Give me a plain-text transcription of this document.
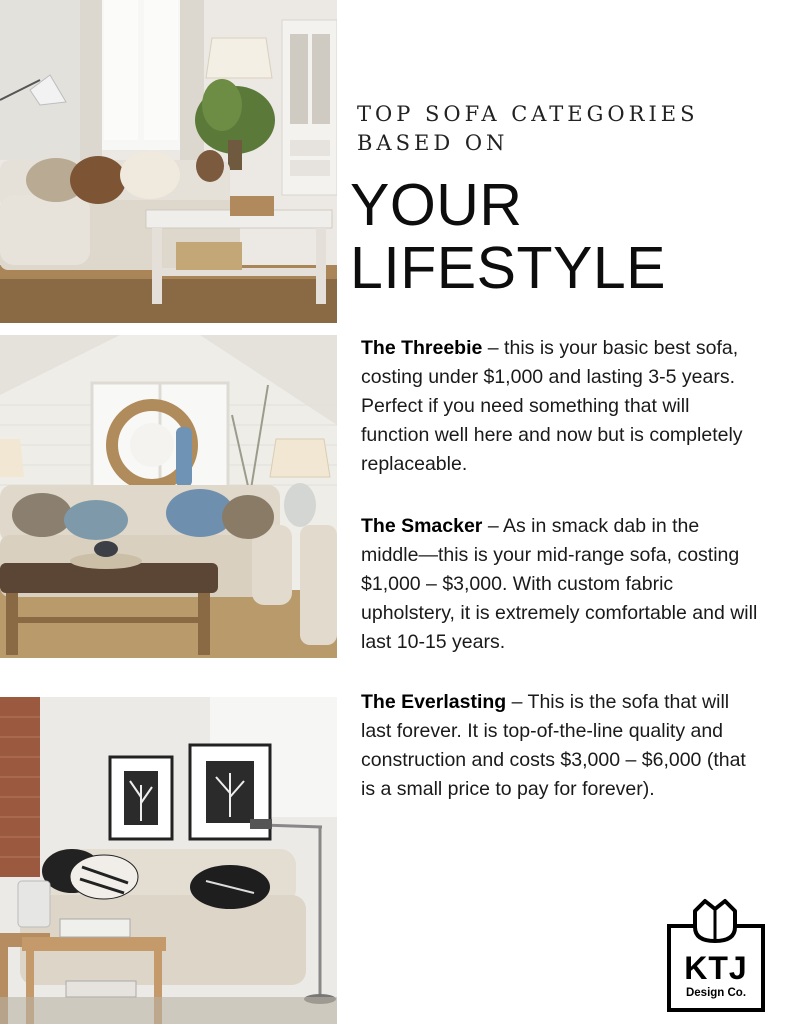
TOP SOFA CATEGORIES
BASED ON
YOUR
LIFESTYLE
The Threebie – this is your basic best sofa, costing under $1,000 and lasting 3-5 years. Perfect if you need something that will function well here and now but is completely replaceable.
The Smacker – As in smack dab in the middle—this is your mid-range sofa, costing $1,000 – $3,000. With custom fabric upholstery, it is extremely comfortable and will last 10-15 years.
The Everlasting – This is the sofa that will last forever. It is top-of-the-line quality and construction and costs $3,000 – $6,000 (that is a small price to pay for forever).
KTJ
Design Co.
